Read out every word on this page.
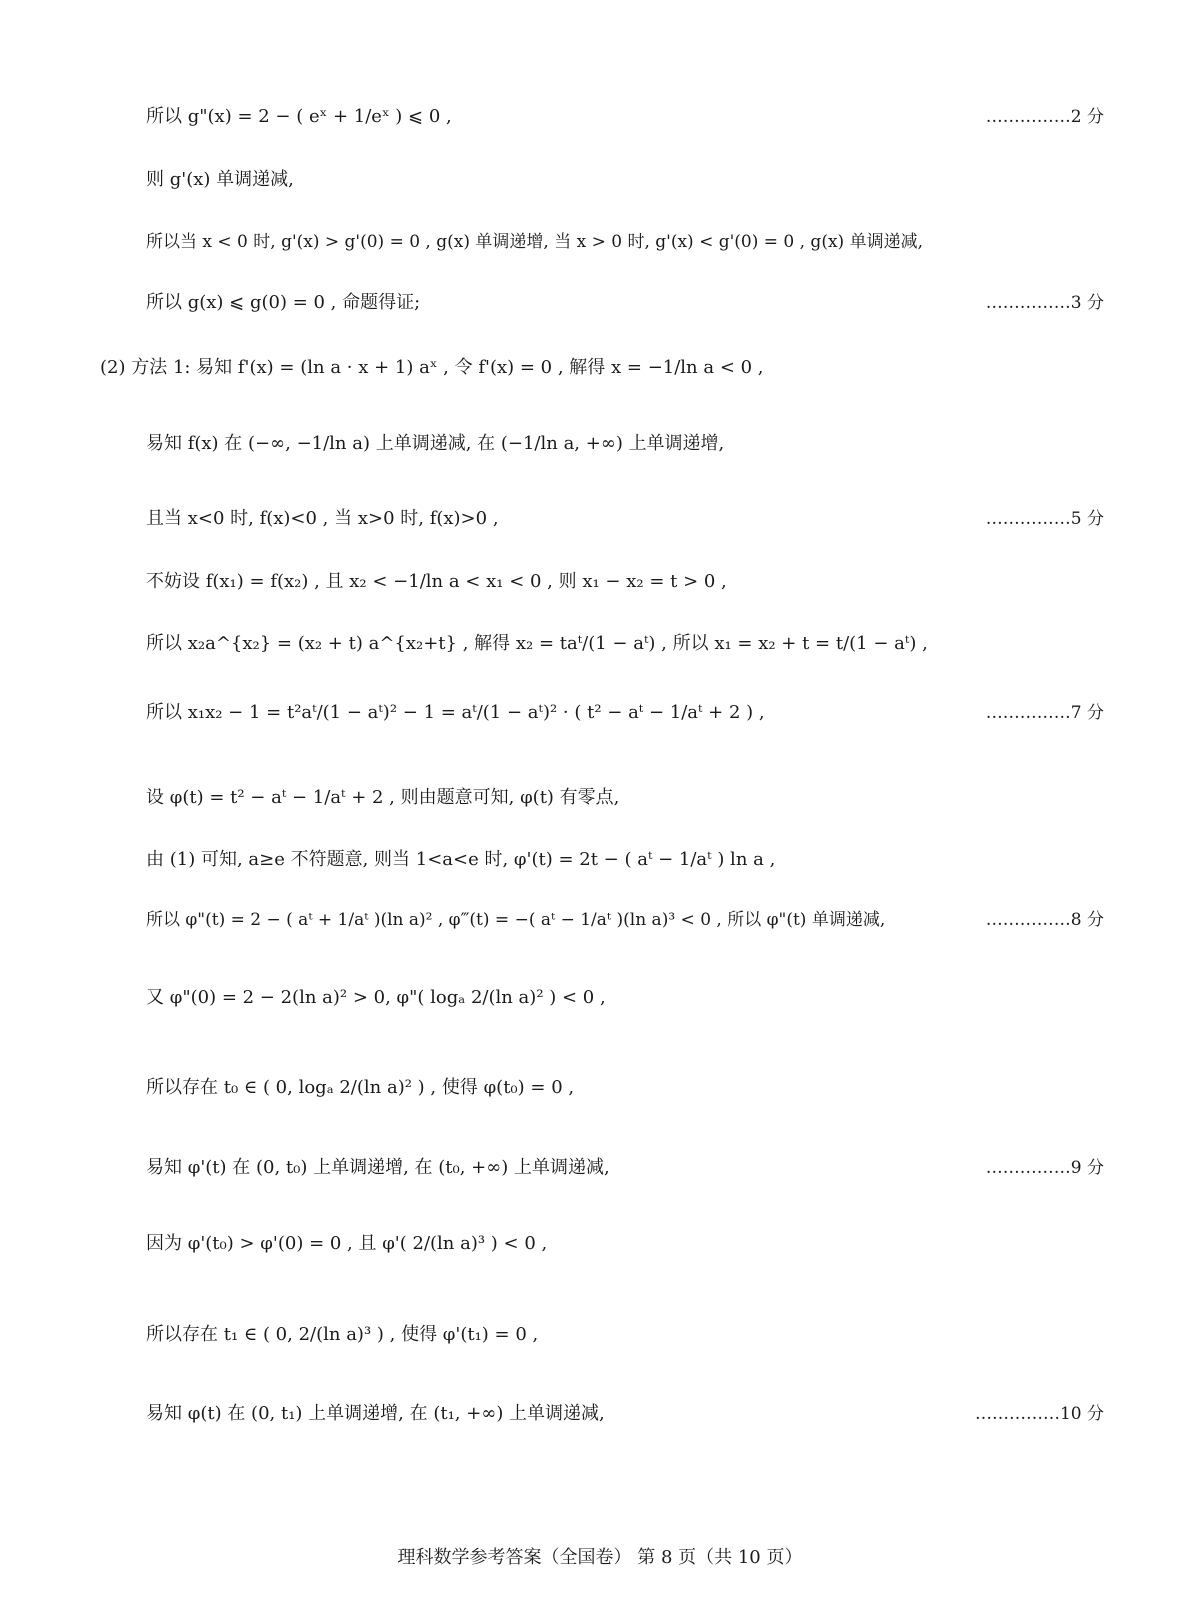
所以 g"(x) = 2 − ( eˣ + 1/eˣ ) ⩽ 0 ,	……………2 分
则 g'(x) 单调递减,
所以当 x < 0 时, g'(x) > g'(0) = 0 , g(x) 单调递增, 当 x > 0 时, g'(x) < g'(0) = 0 , g(x) 单调递减,
所以 g(x) ⩽ g(0) = 0 , 命题得证;	……………3 分
(2) 方法 1: 易知 f'(x) = (ln a · x + 1) aˣ , 令 f'(x) = 0 , 解得 x = −1/ln a < 0 ,
易知 f(x) 在 (−∞, −1/ln a) 上单调递减, 在 (−1/ln a, +∞) 上单调递增,
且当 x<0 时, f(x)<0 , 当 x>0 时, f(x)>0 ,	……………5 分
不妨设 f(x₁) = f(x₂) , 且 x₂ < −1/ln a < x₁ < 0 , 则 x₁ − x₂ = t > 0 ,
所以 x₂a^{x₂} = (x₂ + t) a^{x₂+t} , 解得 x₂ = taᵗ/(1 − aᵗ) , 所以 x₁ = x₂ + t = t/(1 − aᵗ) ,
所以 x₁x₂ − 1 = t²aᵗ/(1 − aᵗ)² − 1 = aᵗ/(1 − aᵗ)² · ( t² − aᵗ − 1/aᵗ + 2 ) ,	……………7 分
设 φ(t) = t² − aᵗ − 1/aᵗ + 2 , 则由题意可知, φ(t) 有零点,
由 (1) 可知, a≥e 不符题意, 则当 1<a<e 时, φ'(t) = 2t − ( aᵗ − 1/aᵗ ) ln a ,
所以 φ"(t) = 2 − ( aᵗ + 1/aᵗ )(ln a)² , φ‴(t) = −( aᵗ − 1/aᵗ )(ln a)³ < 0 , 所以 φ"(t) 单调递减,	……………8 分
又 φ"(0) = 2 − 2(ln a)² > 0, φ"( logₐ 2/(ln a)² ) < 0 ,
所以存在 t₀ ∈ ( 0, logₐ 2/(ln a)² ) , 使得 φ(t₀) = 0 ,
易知 φ'(t) 在 (0, t₀) 上单调递增, 在 (t₀, +∞) 上单调递减,	……………9 分
因为 φ'(t₀) > φ'(0) = 0 , 且 φ'( 2/(ln a)³ ) < 0 ,
所以存在 t₁ ∈ ( 0, 2/(ln a)³ ) , 使得 φ'(t₁) = 0 ,
易知 φ(t) 在 (0, t₁) 上单调递增, 在 (t₁, +∞) 上单调递减,	……………10 分
理科数学参考答案（全国卷） 第 8 页（共 10 页）
